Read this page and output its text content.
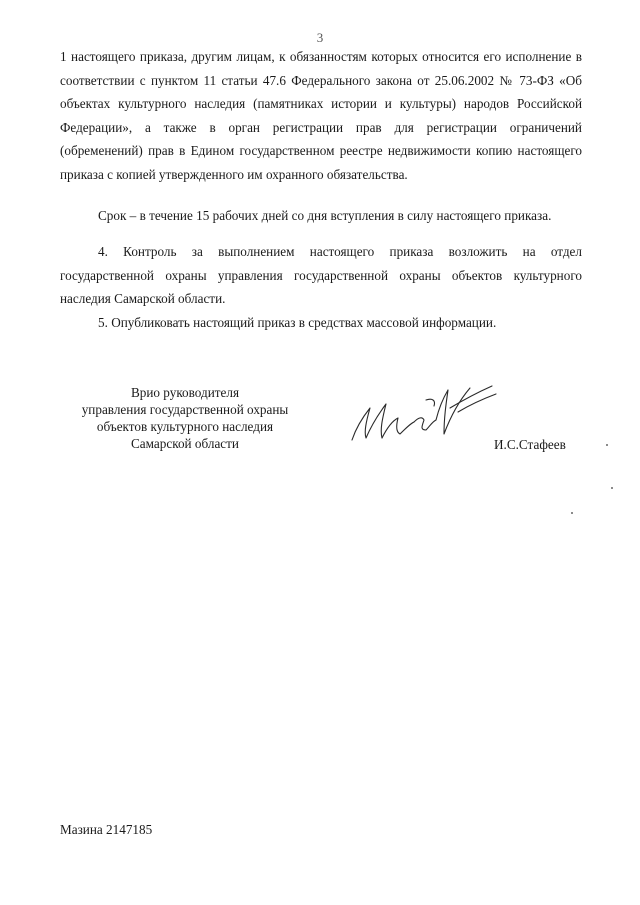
3

1 настоящего приказа, другим лицам, к обязанностям которых относится его исполнение в соответствии с пунктом 11 статьи 47.6 Федерального закона от 25.06.2002 № 73-ФЗ «Об объектах культурного наследия (памятниках истории и культуры) народов Российской Федерации», а также в орган регистрации прав для регистрации ограничений (обременений) прав в Едином государственном реестре недвижимости копию настоящего приказа с копией утвержденного им охранного обязательства.

Срок – в течение 15 рабочих дней со дня вступления в силу настоящего приказа.

4. Контроль за выполнением настоящего приказа возложить на отдел государственной охраны управления государственной охраны объектов культурного наследия Самарской области.

5. Опубликовать настоящий приказ в средствах массовой информации.

Врио руководителя
управления государственной охраны
объектов культурного наследия
Самарской области	И.С.Стафеев
Мазина 2147185
